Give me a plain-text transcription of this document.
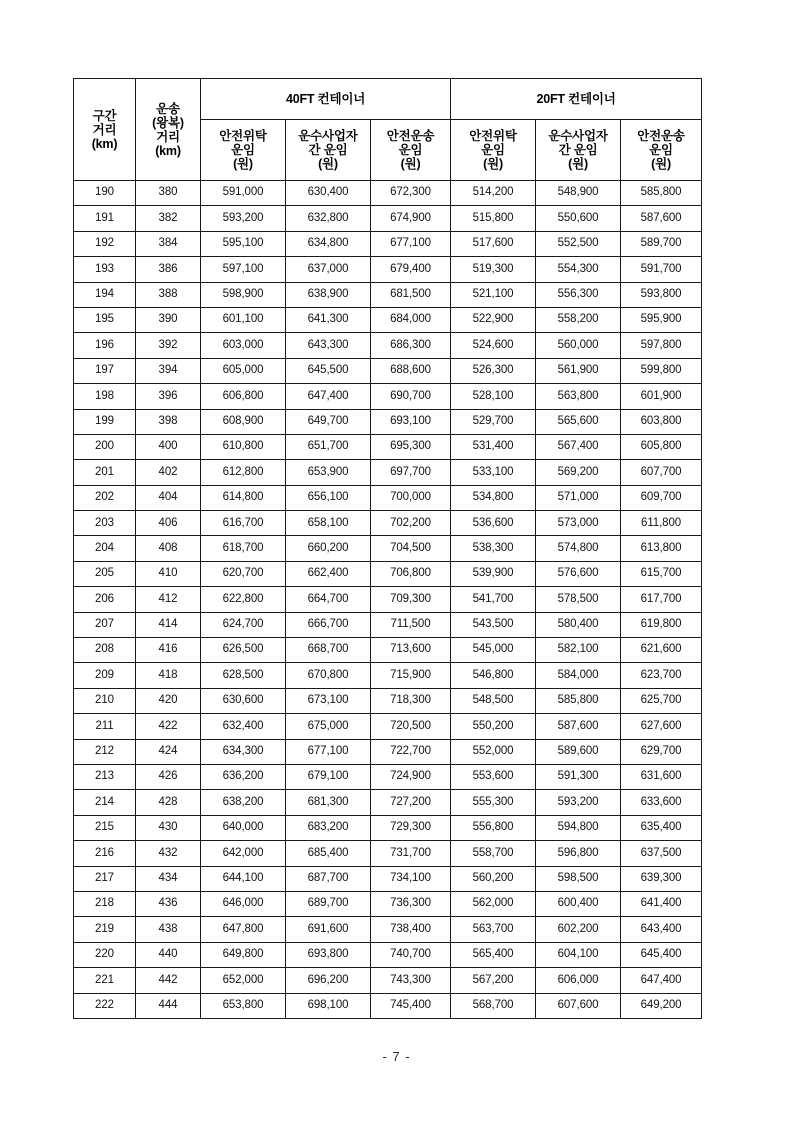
구간
거리
(km)	운송
(왕복)
거리
(km)	40FT 컨테이너			20FT 컨테이너		

		안전위탁
운임
(원)	운수사업자
간 운임
(원)	안전운송
운임
(원)	안전위탁
운임
(원)	운수사업자
간 운임
(원)	안전운송
운임
(원)

190	380	591,000	630,400	672,300	514,200	548,900	585,800
191	382	593,200	632,800	674,900	515,800	550,600	587,600
192	384	595,100	634,800	677,100	517,600	552,500	589,700
193	386	597,100	637,000	679,400	519,300	554,300	591,700
194	388	598,900	638,900	681,500	521,100	556,300	593,800
195	390	601,100	641,300	684,000	522,900	558,200	595,900
196	392	603,000	643,300	686,300	524,600	560,000	597,800
197	394	605,000	645,500	688,600	526,300	561,900	599,800
198	396	606,800	647,400	690,700	528,100	563,800	601,900
199	398	608,900	649,700	693,100	529,700	565,600	603,800
200	400	610,800	651,700	695,300	531,400	567,400	605,800
201	402	612,800	653,900	697,700	533,100	569,200	607,700
202	404	614,800	656,100	700,000	534,800	571,000	609,700
203	406	616,700	658,100	702,200	536,600	573,000	611,800
204	408	618,700	660,200	704,500	538,300	574,800	613,800
205	410	620,700	662,400	706,800	539,900	576,600	615,700
206	412	622,800	664,700	709,300	541,700	578,500	617,700
207	414	624,700	666,700	711,500	543,500	580,400	619,800
208	416	626,500	668,700	713,600	545,000	582,100	621,600
209	418	628,500	670,800	715,900	546,800	584,000	623,700
210	420	630,600	673,100	718,300	548,500	585,800	625,700
211	422	632,400	675,000	720,500	550,200	587,600	627,600
212	424	634,300	677,100	722,700	552,000	589,600	629,700
213	426	636,200	679,100	724,900	553,600	591,300	631,600
214	428	638,200	681,300	727,200	555,300	593,200	633,600
215	430	640,000	683,200	729,300	556,800	594,800	635,400
216	432	642,000	685,400	731,700	558,700	596,800	637,500
217	434	644,100	687,700	734,100	560,200	598,500	639,300
218	436	646,000	689,700	736,300	562,000	600,400	641,400
219	438	647,800	691,600	738,400	563,700	602,200	643,400
220	440	649,800	693,800	740,700	565,400	604,100	645,400
221	442	652,000	696,200	743,300	567,200	606,000	647,400
222	444	653,800	698,100	745,400	568,700	607,600	649,200
- 7 -
